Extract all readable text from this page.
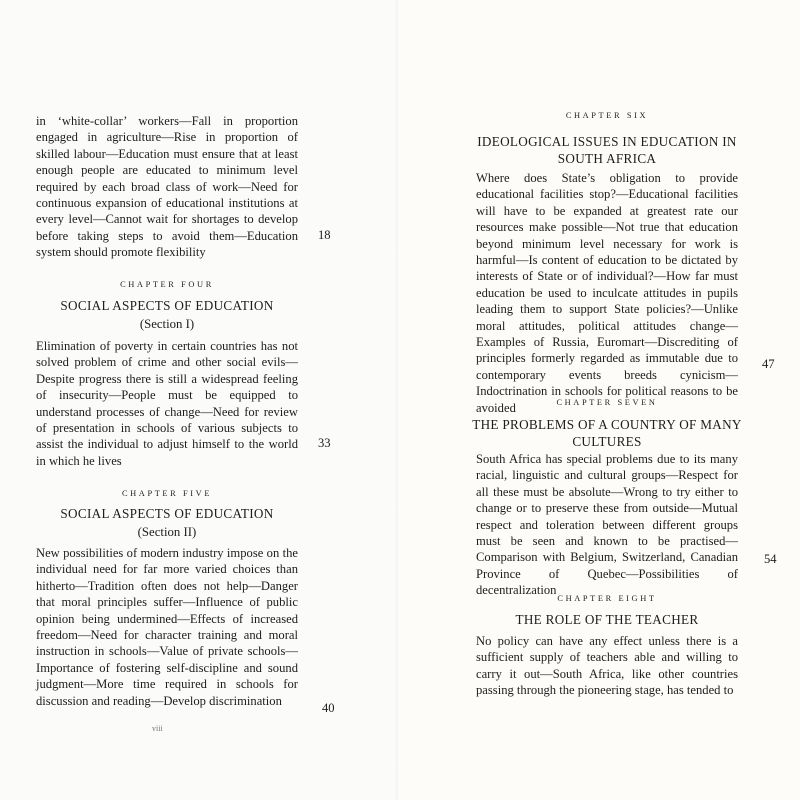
in ‘white-collar’ workers—Fall in proportion engaged in agriculture—Rise in proportion of skilled labour—Education must ensure that at least enough people are educated to minimum level required by each broad class of work—Need for continuous expansion of educational institutions at every level—Cannot wait for shortages to develop before taking steps to avoid them—Education system should promote flexibility

18

CHAPTER FOUR

SOCIAL ASPECTS OF EDUCATION

(Section I)

Elimination of poverty in certain countries has not solved problem of crime and other social evils—Despite progress there is still a widespread feeling of insecurity—People must be equipped to understand processes of change—Need for review of presentation in schools of various subjects to assist the individual to adjust himself to the world in which he lives

33

CHAPTER FIVE

SOCIAL ASPECTS OF EDUCATION

(Section II)

New possibilities of modern industry impose on the individual need for far more varied choices than hitherto—Tradition often does not help—Danger that moral principles suffer—Influence of public opinion being undermined—Effects of increased freedom—Need for character training and moral instruction in schools—Value of private schools—Importance of fostering self-discipline and sound judgment—More time required in schools for discussion and reading—Develop discrimination

40

viii

CHAPTER SIX

IDEOLOGICAL ISSUES IN EDUCATION IN SOUTH AFRICA

Where does State’s obligation to provide educational facilities stop?—Educational facilities will have to be expanded at greatest rate our resources make possible—Not true that education beyond minimum level necessary for work is harmful—Is content of education to be dictated by interests of State or of individual?—How far must education be used to inculcate attitudes in pupils leading them to support State policies?—Unlike moral attitudes, political attitudes change—Examples of Russia, Euromart—Discrediting of principles formerly regarded as immutable due to contemporary events breeds cynicism—Indoctrination in schools for political reasons to be avoided

47

CHAPTER SEVEN

THE PROBLEMS OF A COUNTRY OF MANY CULTURES

South Africa has special problems due to its many racial, linguistic and cultural groups—Respect for all these must be absolute—Wrong to try either to change or to preserve these from outside—Mutual respect and toleration between different groups must be seen and known to be practised—Comparison with Belgium, Switzerland, Canadian Province of Quebec—Possibilities of decentralization

54

CHAPTER EIGHT

THE ROLE OF THE TEACHER

No policy can have any effect unless there is a sufficient supply of teachers able and willing to carry it out—South Africa, like other countries passing through the pioneering stage, has tended to
